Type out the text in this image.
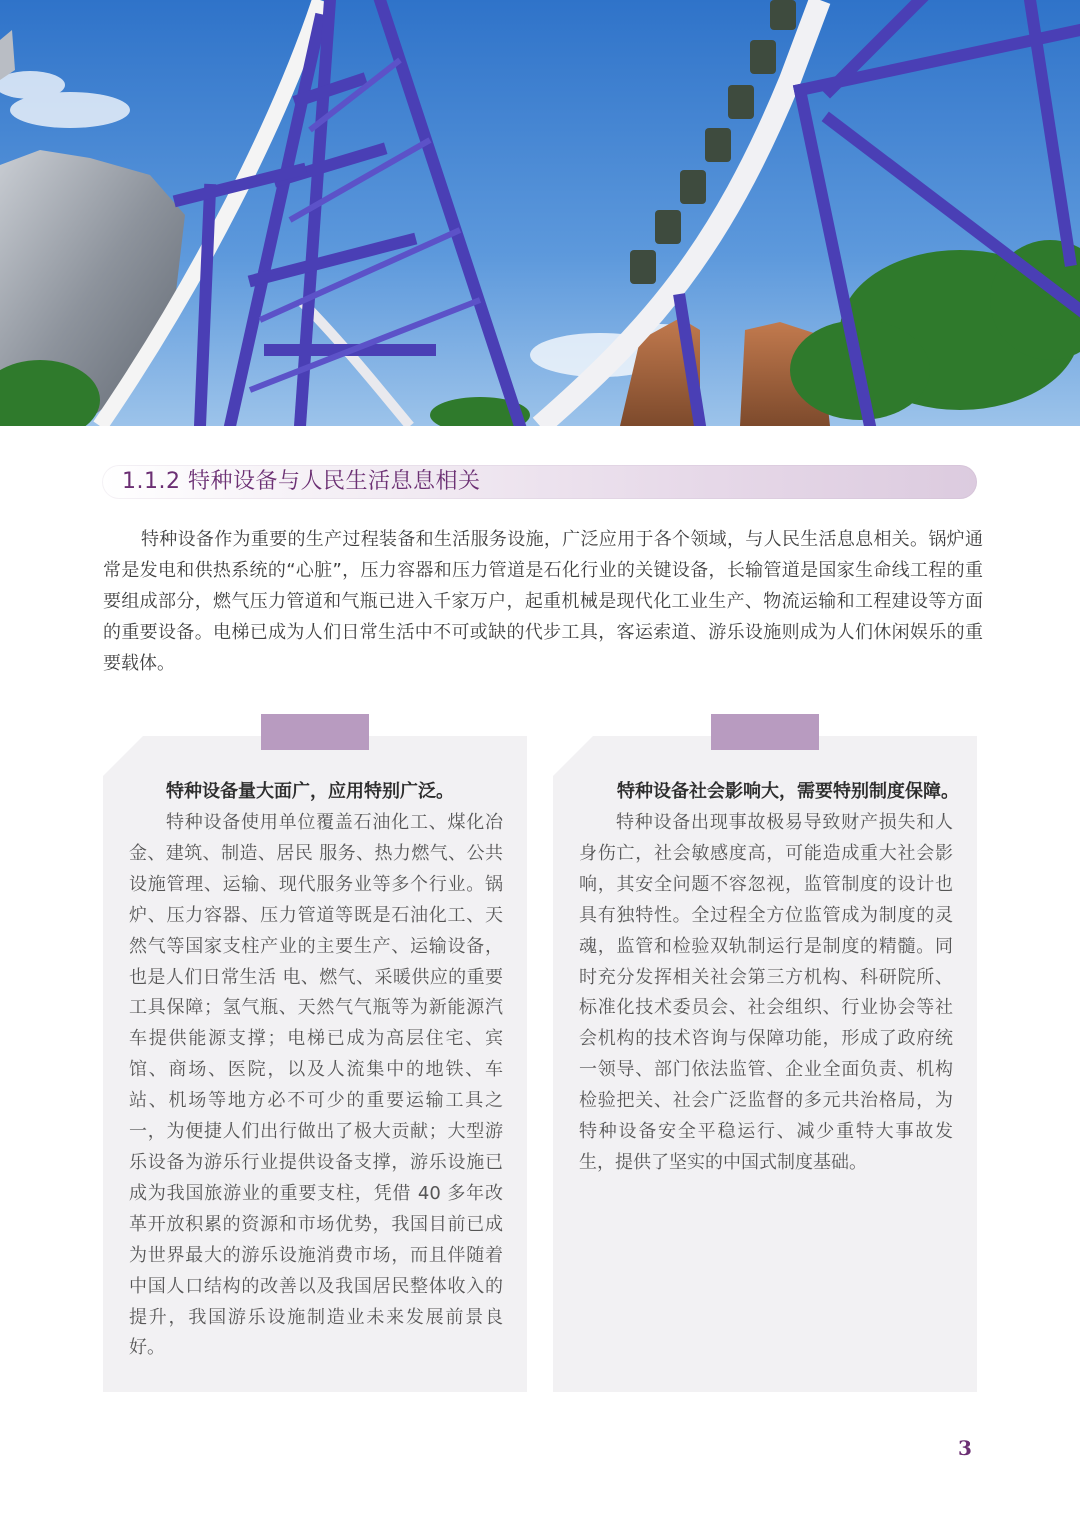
1.1.2 特种设备与人民生活息息相关

特种设备作为重要的生产过程装备和生活服务设施，广泛应用于各个领域，与人民生活息息相关。锅炉通常是发电和供热系统的“心脏”，压力容器和压力管道是石化行业的关键设备，长输管道是国家生命线工程的重要组成部分，燃气压力管道和气瓶已进入千家万户，起重机械是现代化工业生产、物流运输和工程建设等方面的重要设备。电梯已成为人们日常生活中不可或缺的代步工具，客运索道、游乐设施则成为人们休闲娱乐的重要载体。

特种设备量大面广，应用特别广泛。

特种设备使用单位覆盖石油化工、煤化冶金、建筑、制造、居民 服务、热力燃气、公共设施管理、运输、现代服务业等多个行业。锅炉、压力容器、压力管道等既是石油化工、天然气等国家支柱产业的主要生产、运输设备，也是人们日常生活 电、燃气、采暖供应的重要工具保障；氢气瓶、天然气气瓶等为新能源汽车提供能源支撑；电梯已成为高层住宅、宾馆、商场、医院，以及人流集中的地铁、车站、机场等地方必不可少的重要运输工具之一，为便捷人们出行做出了极大贡献；大型游乐设备为游乐行业提供设备支撑，游乐设施已成为我国旅游业的重要支柱，凭借 40 多年改革开放积累的资源和市场优势，我国目前已成为世界最大的游乐设施消费市场，而且伴随着中国人口结构的改善以及我国居民整体收入的提升，我国游乐设施制造业未来发展前景良好。

特种设备社会影响大，需要特别制度保障。

特种设备出现事故极易导致财产损失和人身伤亡，社会敏感度高，可能造成重大社会影响，其安全问题不容忽视，监管制度的设计也具有独特性。全过程全方位监管成为制度的灵魂，监管和检验双轨制运行是制度的精髓。同时充分发挥相关社会第三方机构、科研院所、标准化技术委员会、社会组织、行业协会等社会机构的技术咨询与保障功能，形成了政府统一领导、部门依法监管、企业全面负责、机构检验把关、社会广泛监督的多元共治格局，为特种设备安全平稳运行、减少重特大事故发生，提供了坚实的中国式制度基础。

3
